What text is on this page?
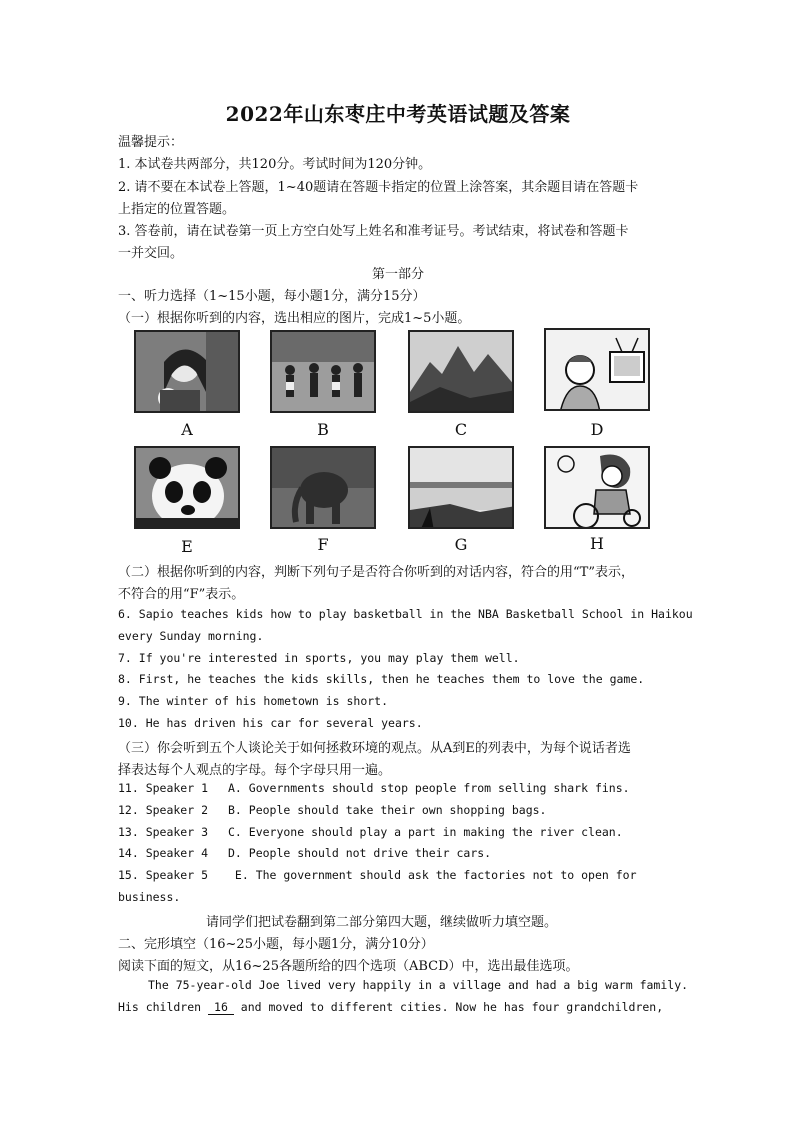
2022年山东枣庄中考英语试题及答案
温馨提示：
1. 本试卷共两部分，共120分。考试时间为120分钟。
2. 请不要在本试卷上答题，1~40题请在答题卡指定的位置上涂答案，其余题目请在答题卡
上指定的位置答题。
3. 答卷前，请在试卷第一页上方空白处写上姓名和准考证号。考试结束，将试卷和答题卡
一并交回。
第一部分
一、听力选择（1~15小题，每小题1分，满分15分）
（一）根据你听到的内容，选出相应的图片，完成1~5小题。
A	B	C	D
E	F	G	H
（二）根据你听到的内容，判断下列句子是否符合你听到的对话内容，符合的用“T”表示，
不符合的用“F”表示。
6. Sapio teaches kids how to play basketball in the NBA Basketball School in Haikou
every Sunday morning.
7. If you're interested in sports, you may play them well.
8. First, he teaches the kids skills, then he teaches them to love the game.
9. The winter of his hometown is short.
10. He has driven his car for several years.
（三）你会听到五个人谈论关于如何拯救环境的观点。从A到E的列表中，为每个说话者选
择表达每个人观点的字母。每个字母只用一遍。
11. Speaker 1 A. Governments should stop people from selling shark fins.
12. Speaker 2 B. People should take their own shopping bags.
13. Speaker 3 C. Everyone should play a part in making the river clean.
14. Speaker 4 D. People should not drive their cars.
15. Speaker 5 E. The government should ask the factories not to open for
business.
请同学们把试卷翻到第二部分第四大题，继续做听力填空题。
二、完形填空（16~25小题，每小题1分，满分10分）
阅读下面的短文，从16~25各题所给的四个选项（ABCD）中，选出最佳选项。
The 75-year-old Joe lived very happily in a village and had a big warm family.
His children 16 and moved to different cities. Now he has four grandchildren,
